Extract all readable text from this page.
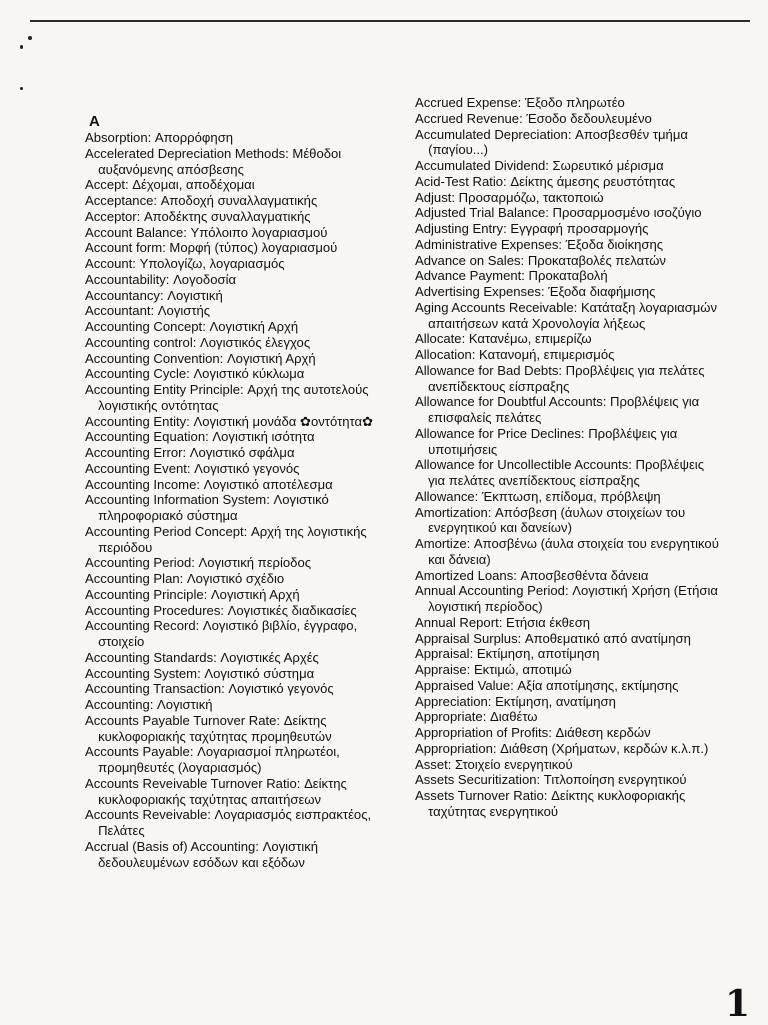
A
Absorption: Απορρόφηση
Accelerated Depreciation Methods: Μέθοδοι αυξανόμενης απόσβεσης
Accept: Δέχομαι, αποδέχομαι
Acceptance: Αποδοχή συναλλαγματικής
Acceptor: Αποδέκτης συναλλαγματικής
Account Balance: Υπόλοιπο λογαριασμού
Account form: Μορφή (τύπος) λογαριασμού
Account: Υπολογίζω, λογαριασμός
Accountability: Λογοδοσία
Accountancy: Λογιστική
Accountant: Λογιστής
Accounting Concept: Λογιστική Αρχή
Accounting control: Λογιστικός έλεγχος
Accounting Convention: Λογιστική Αρχή
Accounting Cycle: Λογιστικό κύκλωμα
Accounting Entity Principle: Αρχή της αυτοτελούς λογιστικής οντότητας
Accounting Entity: Λογιστική μονάδα ✿οντότητα✿
Accounting Equation: Λογιστική ισότητα
Accounting Error: Λογιστικό σφάλμα
Accounting Event: Λογιστικό γεγονός
Accounting Income: Λογιστικό αποτέλεσμα
Accounting Information System: Λογιστικό πληροφοριακό σύστημα
Accounting Period Concept: Αρχή της λογιστικής περιόδου
Accounting Period: Λογιστική περίοδος
Accounting Plan: Λογιστικό σχέδιο
Accounting Principle: Λογιστική Αρχή
Accounting Procedures: Λογιστικές διαδικασίες
Accounting Record: Λογιστικό βιβλίο, έγγραφο, στοιχείο
Accounting Standards: Λογιστικές Αρχές
Accounting System: Λογιστικό σύστημα
Accounting Transaction: Λογιστικό γεγονός
Accounting: Λογιστική
Accounts Payable Turnover Rate: Δείκτης κυκλοφοριακής ταχύτητας προμηθευτών
Accounts Payable: Λογαριασμοί πληρωτέοι, προμηθευτές (λογαριασμός)
Accounts Reveivable Turnover Ratio: Δείκτης κυκλοφοριακής ταχύτητας απαιτήσεων
Accounts Reveivable: Λογαριασμός εισπρακτέος, Πελάτες
Accrual (Basis of) Accounting: Λογιστική δεδουλευμένων εσόδων και εξόδων
Accrued Expense: Έξοδο πληρωτέο
Accrued Revenue: Έσοδο δεδουλευμένο
Accumulated Depreciation: Αποσβεσθέν τμήμα (παγίου...)
Accumulated Dividend: Σωρευτικό μέρισμα
Acid-Test Ratio: Δείκτης άμεσης ρευστότητας
Adjust: Προσαρμόζω, τακτοποιώ
Adjusted Trial Balance: Προσαρμοσμένο ισοζύγιο
Adjusting Entry: Εγγραφή προσαρμογής
Administrative Expenses: Έξοδα διοίκησης
Advance on Sales: Προκαταβολές πελατών
Advance Payment: Προκαταβολή
Advertising Expenses: Έξοδα διαφήμισης
Aging Accounts Receivable: Κατάταξη λογαριασμών απαιτήσεων κατά Χρονολογία λήξεως
Allocate: Κατανέμω, επιμερίζω
Allocation: Κατανομή, επιμερισμός
Allowance for Bad Debts: Προβλέψεις για πελάτες ανεπίδεκτους είσπραξης
Allowance for Doubtful Accounts: Προβλέψεις για επισφαλείς πελάτες
Allowance for Price Declines: Προβλέψεις για υποτιμήσεις
Allowance for Uncollectible Accounts: Προβλέψεις για πελάτες ανεπίδεκτους είσπραξης
Allowance: Έκπτωση, επίδομα, πρόβλεψη
Amortization: Απόσβεση (άυλων στοιχείων του ενεργητικού και δανείων)
Amortize: Αποσβένω (άυλα στοιχεία του ενεργητικού και δάνεια)
Amortized Loans: Αποσβεσθέντα δάνεια
Annual Accounting Period: Λογιστική Χρήση (Ετήσια λογιστική περίοδος)
Annual Report: Ετήσια έκθεση
Appraisal Surplus: Αποθεματικό από ανατίμηση
Appraisal: Εκτίμηση, αποτίμηση
Appraise: Εκτιμώ, αποτιμώ
Appraised Value: Αξία αποτίμησης, εκτίμησης
Appreciation: Εκτίμηση, ανατίμηση
Appropriate: Διαθέτω
Appropriation of Profits: Διάθεση κερδών
Appropriation: Διάθεση (Χρήματων, κερδών κ.λ.π.)
Asset: Στοιχείο ενεργητικού
Assets Securitization: Τιτλοποίηση ενεργητικού
Assets Turnover Ratio: Δείκτης κυκλοφοριακής ταχύτητας ενεργητικού
1
